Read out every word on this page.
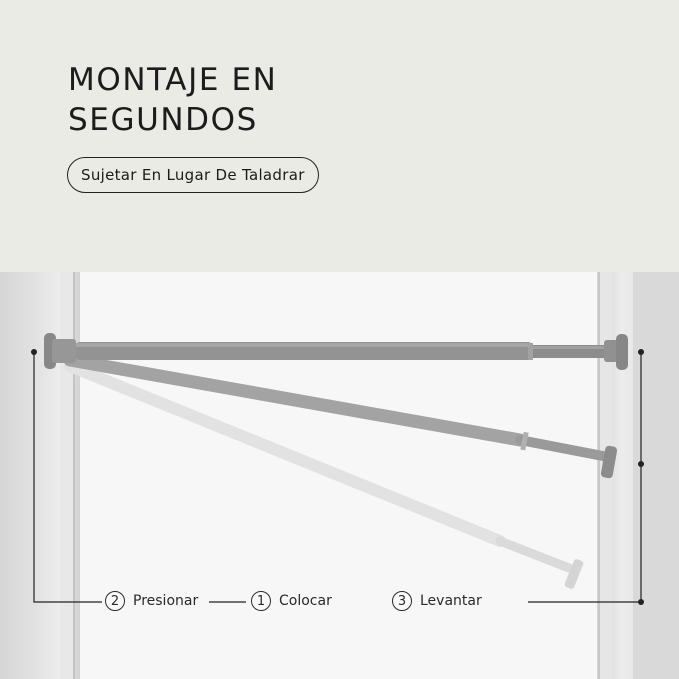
MONTAJE EN
SEGUNDOS
Sujetar En Lugar De Taladrar
2 Presionar	1 Colocar	3 Levantar
